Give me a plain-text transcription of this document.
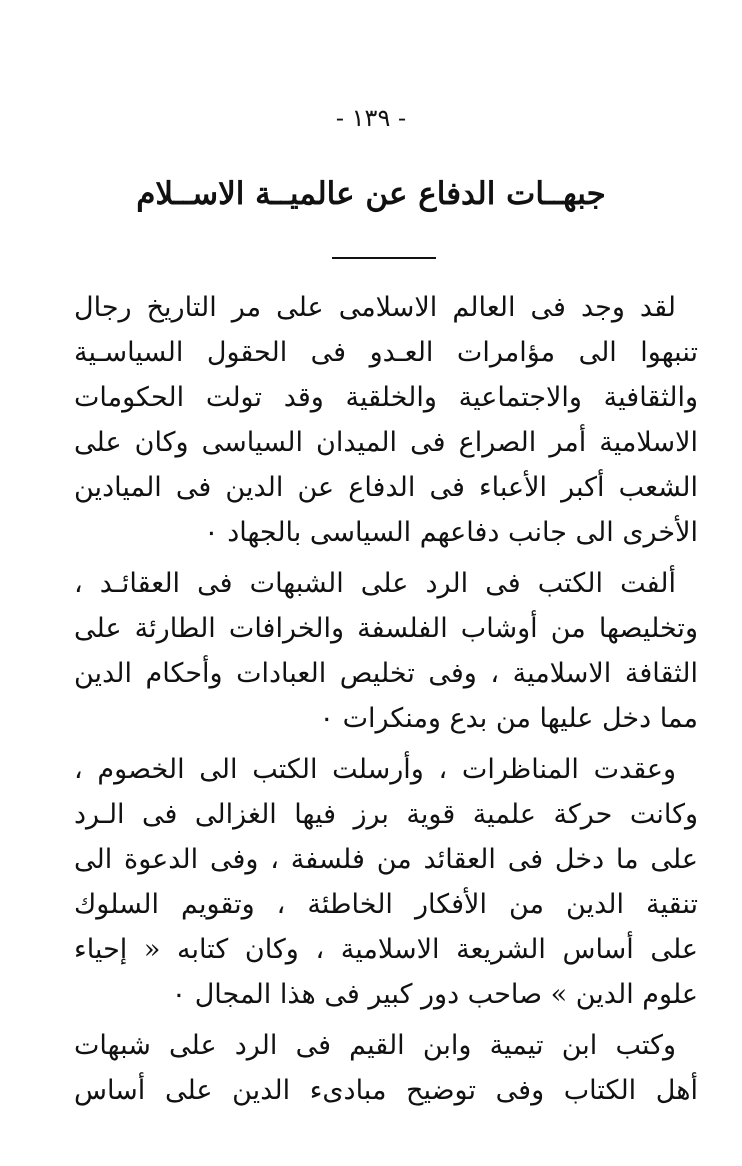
- ١٣٩ -
جبهــات الدفاع عن عالميــة الاســلام
لقد وجد فى العالم الاسلامى على مر التاريخ رجال
تنبهوا الى مؤامرات العـدو فى الحقول السياسـية
والثقافية والاجتماعية والخلقية وقد تولت الحكومات
الاسلامية أمر الصراع فى الميدان السياسى وكان على
الشعب أكبر الأعباء فى الدفاع عن الدين فى الميادين
الأخرى الى جانب دفاعهم السياسى بالجهاد ٠
ألفت الكتب فى الرد على الشبهات فى العقائـد ،
وتخليصها من أوشاب الفلسفة والخرافات الطارئة على
الثقافة الاسلامية ، وفى تخليص العبادات وأحكام الدين
مما دخل عليها من بدع ومنكرات ٠
وعقدت المناظرات ، وأرسلت الكتب الى الخصوم ،
وكانت حركة علمية قوية برز فيها الغزالى فى الـرد
على ما دخل فى العقائد من فلسفة ، وفى الدعوة الى
تنقية الدين من الأفكار الخاطئة ، وتقويم السلوك
على أساس الشريعة الاسلامية ، وكان كتابه « إحياء
علوم الدين » صاحب دور كبير فى هذا المجال ٠
وكتب ابن تيمية وابن القيم فى الرد على شبهات
أهل الكتاب وفى توضيح مبادىء الدين على أساس
